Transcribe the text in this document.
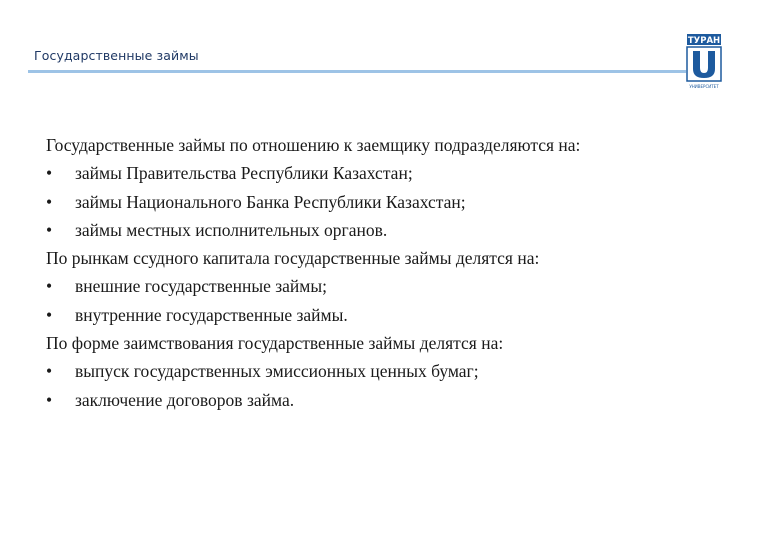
Государственные займы
ТУРАН
УНИВЕРСИТЕТ
Государственные займы по отношению к заемщику подразделяются на:
• займы Правительства Республики Казахстан;
• займы Национального Банка Республики Казахстан;
• займы местных исполнительных органов.
По рынкам ссудного капитала государственные займы делятся на:
• внешние государственные займы;
• внутренние государственные займы.
По форме заимствования государственные займы делятся на:
• выпуск государственных эмиссионных ценных бумаг;
• заключение договоров займа.
